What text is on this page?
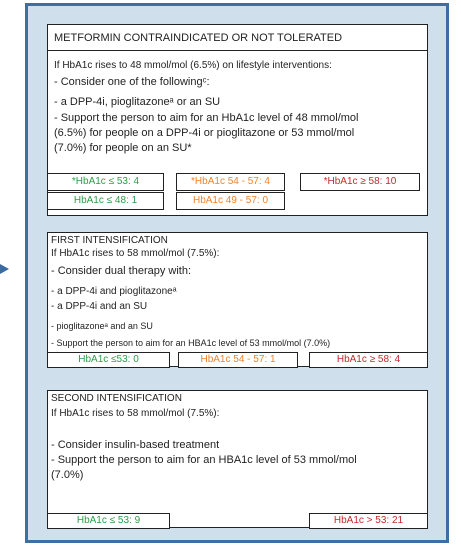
METFORMIN CONTRAINDICATED OR NOT TOLERATED
If HbA1c rises to 48 mmol/mol (6.5%) on lifestyle interventions:
- Consider one of the followingᶜ:
- a DPP-4i, pioglitazoneᵃ or an SU
- Support the person to aim for an HbA1c level of 48 mmol/mol
(6.5%) for people on a DPP-4i or pioglitazone or 53 mmol/mol
(7.0%) for people on an SU*
*HbA1c ≤ 53: 4	*HbA1c 54 - 57: 4	*HbA1c ≥ 58: 10
HbA1c ≤ 48: 1	HbA1c 49 - 57: 0
FIRST INTENSIFICATION
If HbA1c rises to 58 mmol/mol (7.5%):
- Consider dual therapy with:
- a DPP-4i and pioglitazoneᵃ
- a DPP-4i and an SU
- pioglitazoneᵃ and an SU
- Support the person to aim for an HBA1c level of 53 mmol/mol (7.0%)
HbA1c ≤53: 0	HbA1c 54 - 57: 1	HbA1c ≥ 58: 4
SECOND INTENSIFICATION
If HbA1c rises to 58 mmol/mol (7.5%):
- Consider insulin-based treatment
- Support the person to aim for an HBA1c level of 53 mmol/mol
(7.0%)
HbA1c ≤ 53: 9	HbA1c > 53: 21
